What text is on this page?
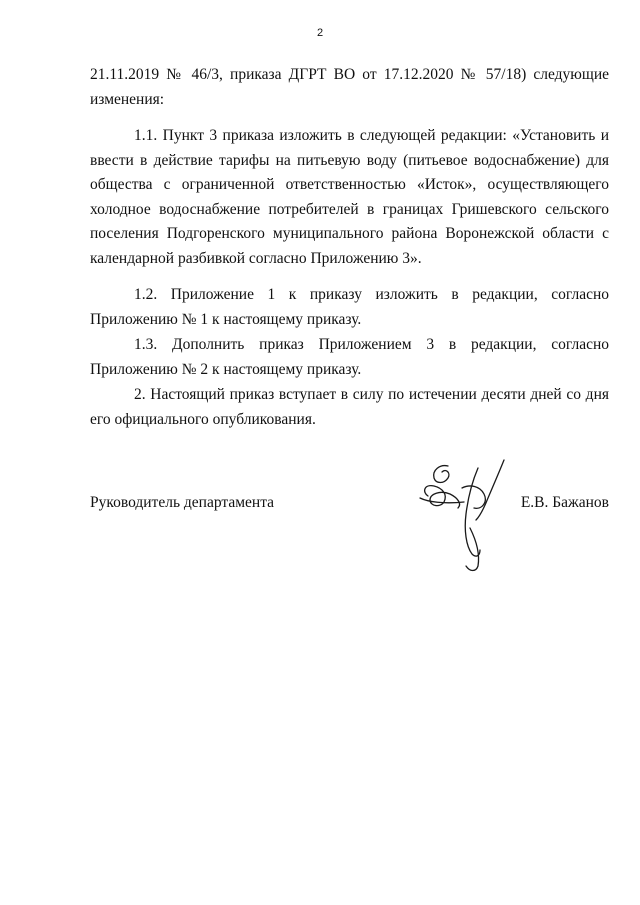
2

21.11.2019 № 46/3, приказа ДГРТ ВО от 17.12.2020 № 57/18) следующие изменения:

1.1. Пункт 3 приказа изложить в следующей редакции: «Установить и ввести в действие тарифы на питьевую воду (питьевое водоснабжение) для общества с ограниченной ответственностью «Исток», осуществляющего холодное водоснабжение потребителей в границах Гришевского сельского поселения Подгоренского муниципального района Воронежской области с календарной разбивкой согласно Приложению 3».

1.2. Приложение 1 к приказу изложить в редакции, согласно Приложению № 1 к настоящему приказу.

1.3. Дополнить приказ Приложением 3 в редакции, согласно Приложению № 2 к настоящему приказу.

2. Настоящий приказ вступает в силу по истечении десяти дней со дня его официального опубликования.

Руководитель департамента	Е.В. Бажанов
